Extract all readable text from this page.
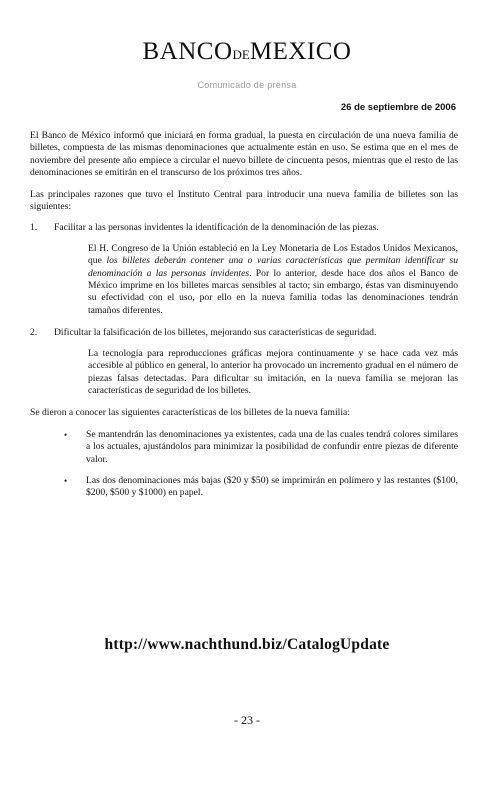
BANCODEMEXICO
Comunicado de prensa
26 de septiembre de 2006

El Banco de México informó que iniciará en forma gradual, la puesta en circulación de una nueva familia de billetes, compuesta de las mismas denominaciones que actualmente están en uso. Se estima que en el mes de noviembre del presente año empiece a circular el nuevo billete de cincuenta pesos, mientras que el resto de las denominaciones se emitirán en el transcurso de los próximos tres años.

Las principales razones que tuvo el Instituto Central para introducir una nueva familia de billetes son las siguientes:

1.	Facilitar a las personas invidentes la identificación de la denominación de las piezas.
El H. Congreso de la Unión estableció en la Ley Monetaria de Los Estados Unidos Mexicanos, que los billetes deberán contener una o varias características que permitan identificar su denominación a las personas invidentes. Por lo anterior, desde hace dos años el Banco de México imprime en los billetes marcas sensibles al tacto; sin embargo, éstas van disminuyendo su efectividad con el uso, por ello en la nueva familia todas las denominaciones tendrán tamaños diferentes.
2.	Dificultar la falsificación de los billetes, mejorando sus características de seguridad.
La tecnología para reproducciones gráficas mejora continuamente y se hace cada vez más accesible al público en general, lo anterior ha provocado un incremento gradual en el número de piezas falsas detectadas. Para dificultar su imitación, en la nueva familia se mejoran las características de seguridad de los billetes.

Se dieron a conocer las siguientes características de los billetes de la nueva familia:

•	Se mantendrán las denominaciones ya existentes, cada una de las cuales tendrá colores similares a los actuales, ajustándolos para minimizar la posibilidad de confundir entre piezas de diferente valor.
•	Las dos denominaciones más bajas ($20 y $50) se imprimirán en polímero y las restantes ($100, $200, $500 y $1000) en papel.
http://www.nachthund.biz/CatalogUpdate
- 23 -
